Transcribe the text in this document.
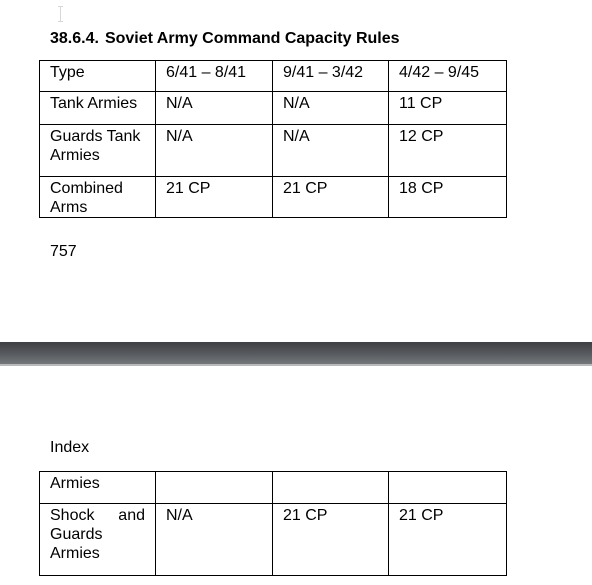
38.6.4. Soviet Army Command Capacity Rules
Type	6/41 – 8/41	9/41 – 3/42	4/42 – 9/45
Tank Armies	N/A	N/A	11 CP
Guards Tank Armies	N/A	N/A	12 CP
Combined Arms	21 CP	21 CP	18 CP
757
Index
Armies			
Shock and Guards Armies	N/A	21 CP	21 CP
